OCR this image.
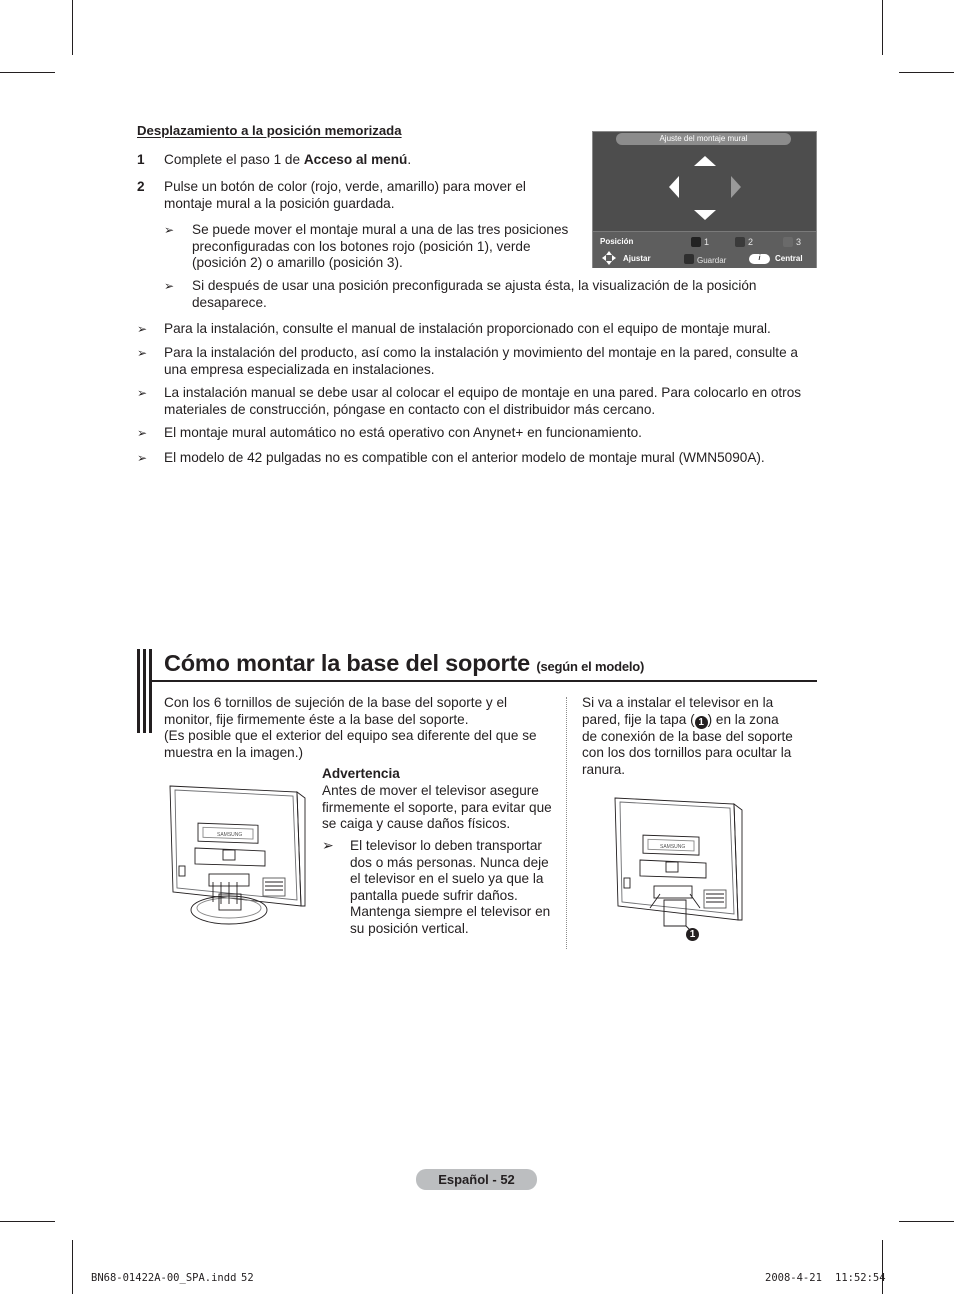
Desplazamiento a la posición memorizada
1 Complete el paso 1 de Acceso al menú.
2 Pulse un botón de color (rojo, verde, amarillo) para mover el
montaje mural a la posición guardada.
➢ Se puede mover el montaje mural a una de las tres posiciones
preconfiguradas con los botones rojo (posición 1), verde
(posición 2) o amarillo (posición 3).
➢ Si después de usar una posición preconfigurada se ajusta ésta, la visualización de la posición
desaparece.
➢ Para la instalación, consulte el manual de instalación proporcionado con el equipo de montaje mural.
➢ Para la instalación del producto, así como la instalación y movimiento del montaje en la pared, consulte a
una empresa especializada en instalaciones.
➢ La instalación manual se debe usar al colocar el equipo de montaje en una pared. Para colocarlo en otros
materiales de construcción, póngase en contacto con el distribuidor más cercano.
➢ El montaje mural automático no está operativo con Anynet+ en funcionamiento.
➢ El modelo de 42 pulgadas no es compatible con el anterior modelo de montaje mural (WMN5090A).
Ajuste del montaje mural
Posición	1	2	3
Ajustar	Guardar	i	Central
Cómo montar la base del soporte (según el modelo)
Con los 6 tornillos de sujeción de la base del soporte y el
monitor, fije firmemente éste a la base del soporte.
(Es posible que el exterior del equipo sea diferente del que se
muestra en la imagen.)
Advertencia
Antes de mover el televisor asegure
firmemente el soporte, para evitar que
se caiga y cause daños físicos.
➢ El televisor lo deben transportar
dos o más personas. Nunca deje
el televisor en el suelo ya que la
pantalla puede sufrir daños.
Mantenga siempre el televisor en
su posición vertical.
Si va a instalar el televisor en la
pared, fije la tapa ( 1 ) en la zona
de conexión de la base del soporte
con los dos tornillos para ocultar la
ranura.
SAMSUNG
SAMSUNG
1
Español - 52
BN68-01422A-00_SPA.indd 52	2008-4-21 11:52:54
